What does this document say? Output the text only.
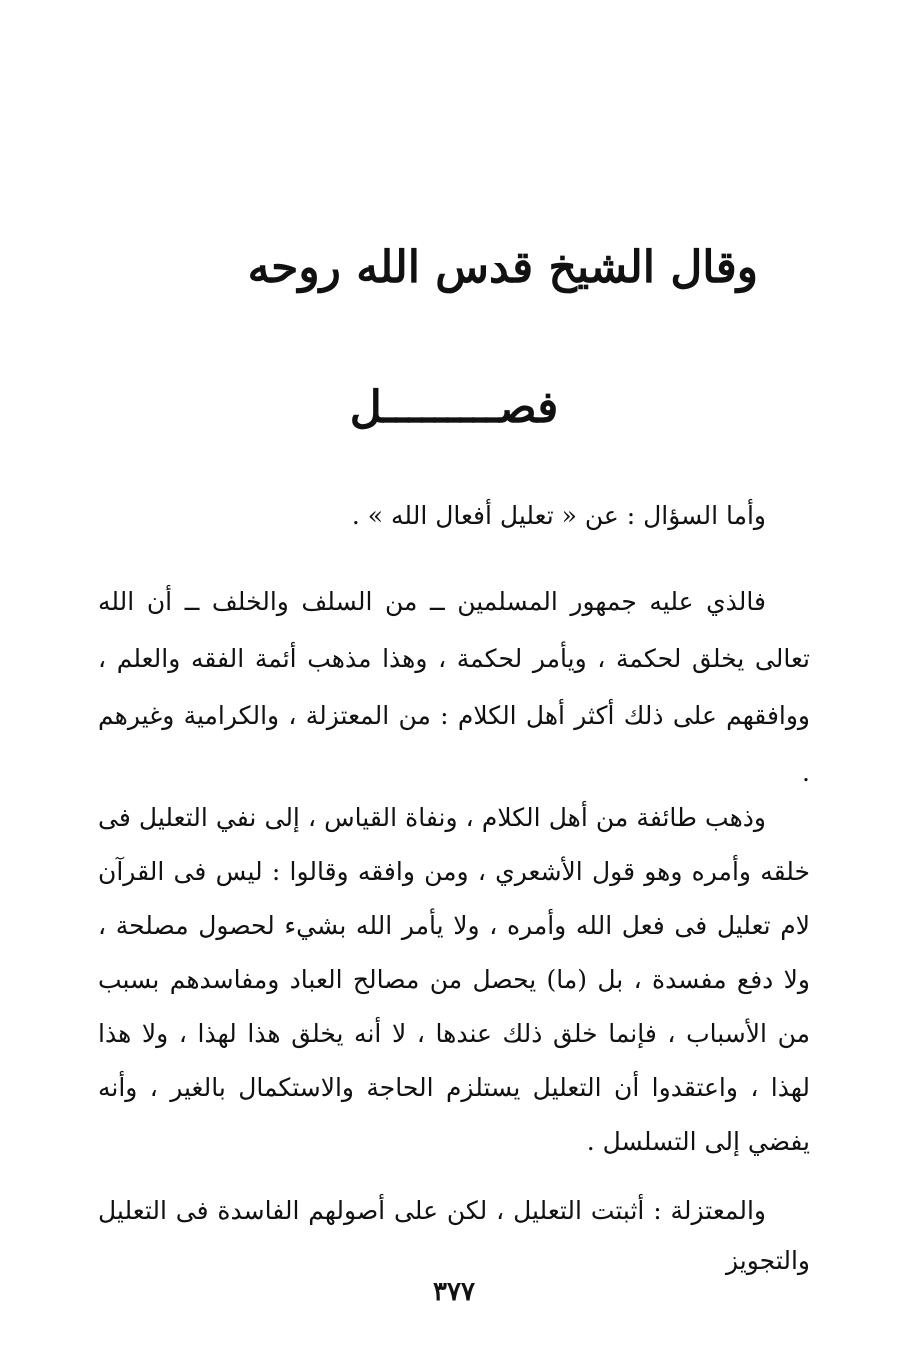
وقال الشيخ قدس الله روحه
فصـــــــــل
وأما السؤال : عن « تعليل أفعال الله » .
فالذي عليه جمهور المسلمين ــ من السلف والخلف ــ أن الله تعالى يخلق لحكمة ، ويأمر لحكمة ، وهذا مذهب أئمة الفقه والعلم ، ووافقهم على ذلك أكثر أهل الكلام : من المعتزلة ، والكرامية وغيرهم .
وذهب طائفة من أهل الكلام ، ونفاة القياس ، إلى نفي التعليل فى خلقه وأمره وهو قول الأشعري ، ومن وافقه وقالوا : ليس فى القرآن لام تعليل فى فعل الله وأمره ، ولا يأمر الله بشيء لحصول مصلحة ، ولا دفع مفسدة ، بل (ما) يحصل من مصالح العباد ومفاسدهم بسبب من الأسباب ، فإنما خلق ذلك عندها ، لا أنه يخلق هذا لهذا ، ولا هذا لهذا ، واعتقدوا أن التعليل يستلزم الحاجة والاستكمال بالغير ، وأنه يفضي إلى التسلسل .
والمعتزلة : أثبتت التعليل ، لكن على أصولهم الفاسدة فى التعليل والتجويز
٣٧٧
